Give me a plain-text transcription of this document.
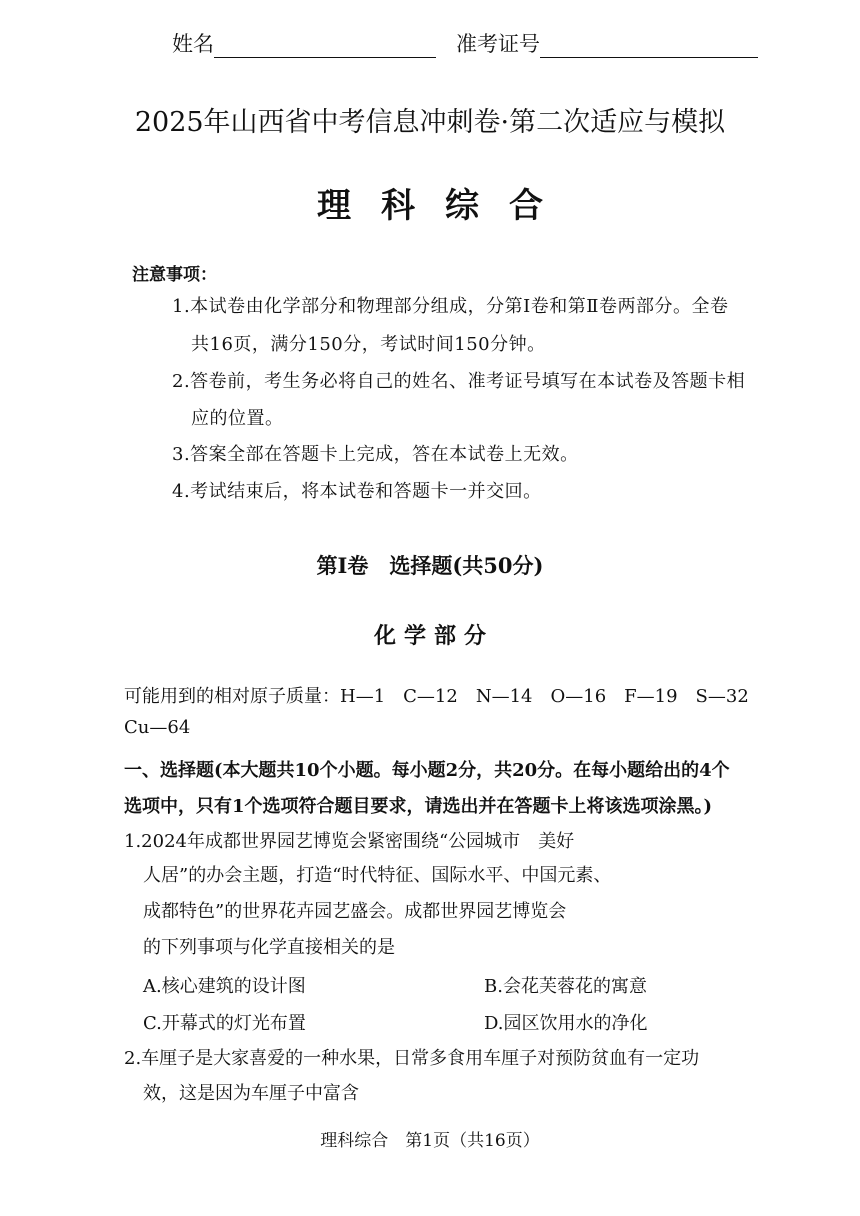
姓名	准考证号
2025年山西省中考信息冲刺卷·第二次适应与模拟
理科综合
注意事项：
1.本试卷由化学部分和物理部分组成，分第Ⅰ卷和第Ⅱ卷两部分。全卷
共16页，满分150分，考试时间150分钟。
2.答卷前，考生务必将自己的姓名、准考证号填写在本试卷及答题卡相
应的位置。
3.答案全部在答题卡上完成，答在本试卷上无效。
4.考试结束后，将本试卷和答题卡一并交回。
第Ⅰ卷　选择题(共50分)
化学部分
可能用到的相对原子质量：H—1　C—12　N—14　O—16　F—19　S—32
Cu—64
一、选择题(本大题共10个小题。每小题2分，共20分。在每小题给出的4个
选项中，只有1个选项符合题目要求，请选出并在答题卡上将该选项涂黑。)
1.2024年成都世界园艺博览会紧密围绕“公园城市　美好
人居”的办会主题，打造“时代特征、国际水平、中国元素、
成都特色”的世界花卉园艺盛会。成都世界园艺博览会
的下列事项与化学直接相关的是
A.核心建筑的设计图	B.会花芙蓉花的寓意
C.开幕式的灯光布置	D.园区饮用水的净化
2.车厘子是大家喜爱的一种水果，日常多食用车厘子对预防贫血有一定功
效，这是因为车厘子中富含
理科综合　第1页（共16页）
